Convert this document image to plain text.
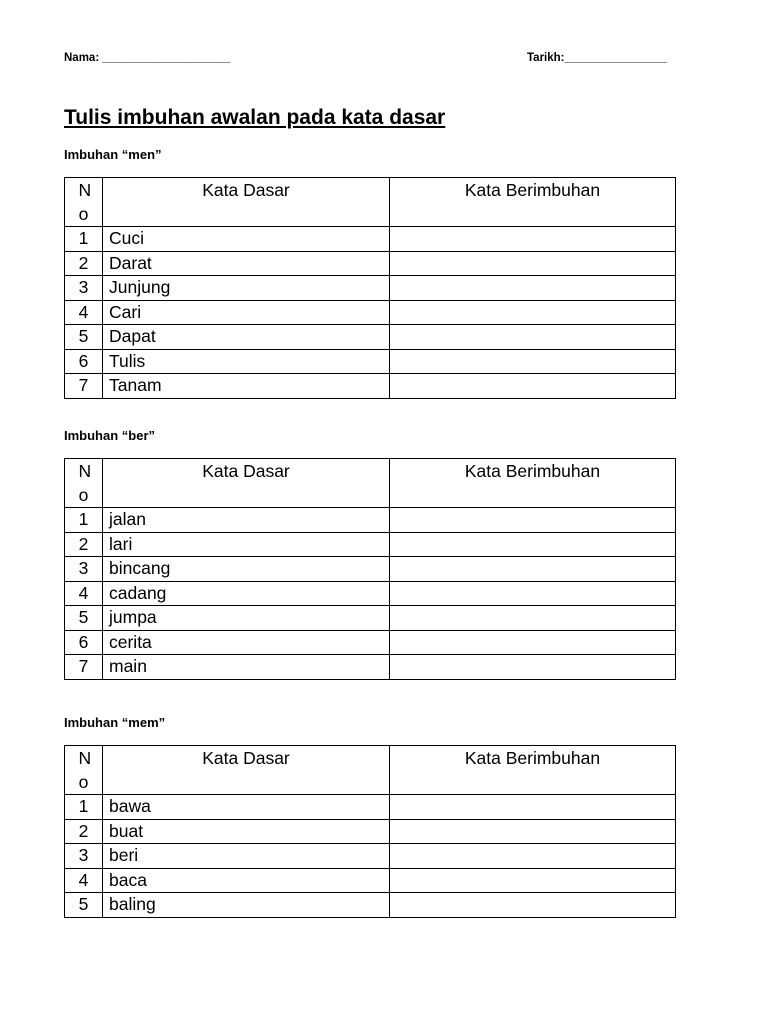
Nama: ____________________	Tarikh:________________
Tulis imbuhan awalan pada kata dasar

Imbuhan “men”

No	Kata Dasar	Kata Berimbuhan
1	Cuci	
2	Darat	
3	Junjung	
4	Cari	
5	Dapat	
6	Tulis	
7	Tanam	

Imbuhan “ber”

No	Kata Dasar	Kata Berimbuhan
1	jalan	
2	lari	
3	bincang	
4	cadang	
5	jumpa	
6	cerita	
7	main	

Imbuhan “mem”

No	Kata Dasar	Kata Berimbuhan
1	bawa	
2	buat	
3	beri	
4	baca	
5	baling	
